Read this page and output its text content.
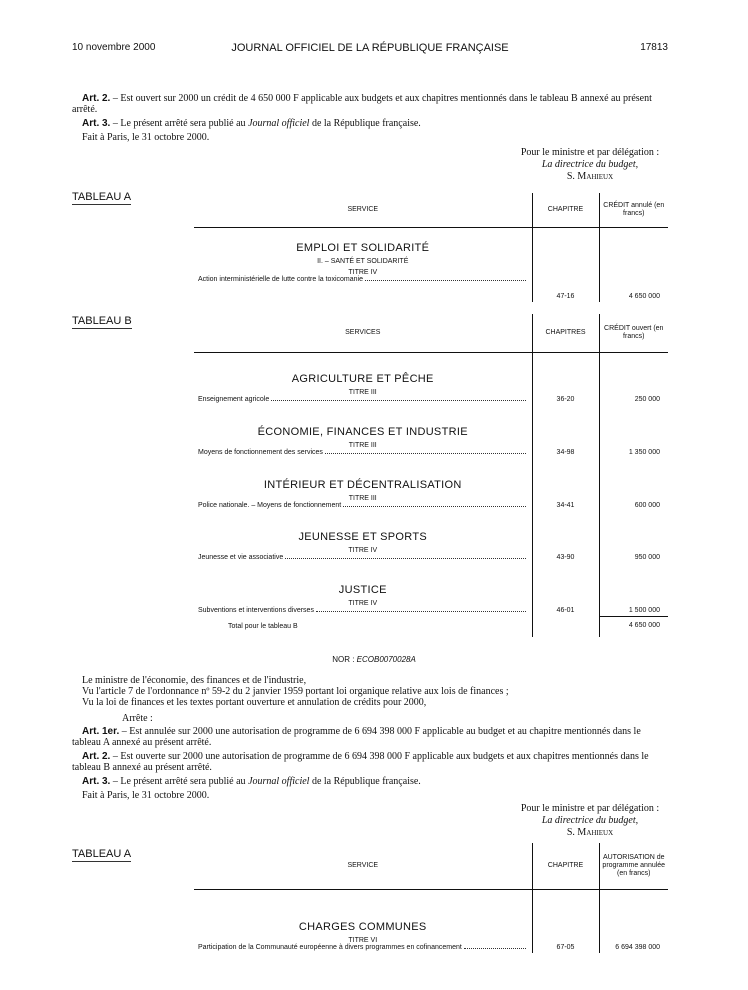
10 novembre 2000	JOURNAL OFFICIEL DE LA RÉPUBLIQUE FRANÇAISE	17813
Art. 2. – Est ouvert sur 2000 un crédit de 4 650 000 F applicable aux budgets et aux chapitres mentionnés dans le tableau B annexé au présent arrêté.
Art. 3. – Le présent arrêté sera publié au Journal officiel de la République française.
Fait à Paris, le 31 octobre 2000.
Pour le ministre et par délégation :
La directrice du budget,
S. Mahieux
TABLEAU A
SERVICE	CHAPITRE	CRÉDIT annulé (en francs)

EMPLOI ET SOLIDARITÉ
II. – SANTÉ ET SOLIDARITÉ
TITRE IV
Action interministérielle de lutte contre la toxicomanie	47-16	4 650 000
TABLEAU B
SERVICES	CHAPITRES	CRÉDIT ouvert (en francs)

AGRICULTURE ET PÊCHE
TITRE III
Enseignement agricole	36-20	250 000

ÉCONOMIE, FINANCES ET INDUSTRIE
TITRE III
Moyens de fonctionnement des services	34-98	1 350 000

INTÉRIEUR ET DÉCENTRALISATION
TITRE III
Police nationale. – Moyens de fonctionnement	34-41	600 000

JEUNESSE ET SPORTS
TITRE IV
Jeunesse et vie associative	43-90	950 000

JUSTICE
TITRE IV
Subventions et interventions diverses	46-01	1 500 000
Total pour le tableau B		4 650 000
NOR : ECOB0070028A
Le ministre de l'économie, des finances et de l'industrie,
Vu l'article 7 de l'ordonnance nº 59-2 du 2 janvier 1959 portant loi organique relative aux lois de finances ;
Vu la loi de finances et les textes portant ouverture et annulation de crédits pour 2000,
Arrête :
Art. 1er. – Est annulée sur 2000 une autorisation de programme de 6 694 398 000 F applicable au budget et au chapitre mentionnés dans le tableau A annexé au présent arrêté.
Art. 2. – Est ouverte sur 2000 une autorisation de programme de 6 694 398 000 F applicable aux budgets et aux chapitres mentionnés dans le tableau B annexé au présent arrêté.
Art. 3. – Le présent arrêté sera publié au Journal officiel de la République française.
Fait à Paris, le 31 octobre 2000.
Pour le ministre et par délégation :
La directrice du budget,
S. Mahieux
TABLEAU A
SERVICE	CHAPITRE	AUTORISATION de programme annulée (en francs)

CHARGES COMMUNES
TITRE VI
Participation de la Communauté européenne à divers programmes en cofinancement	67-05	6 694 398 000
